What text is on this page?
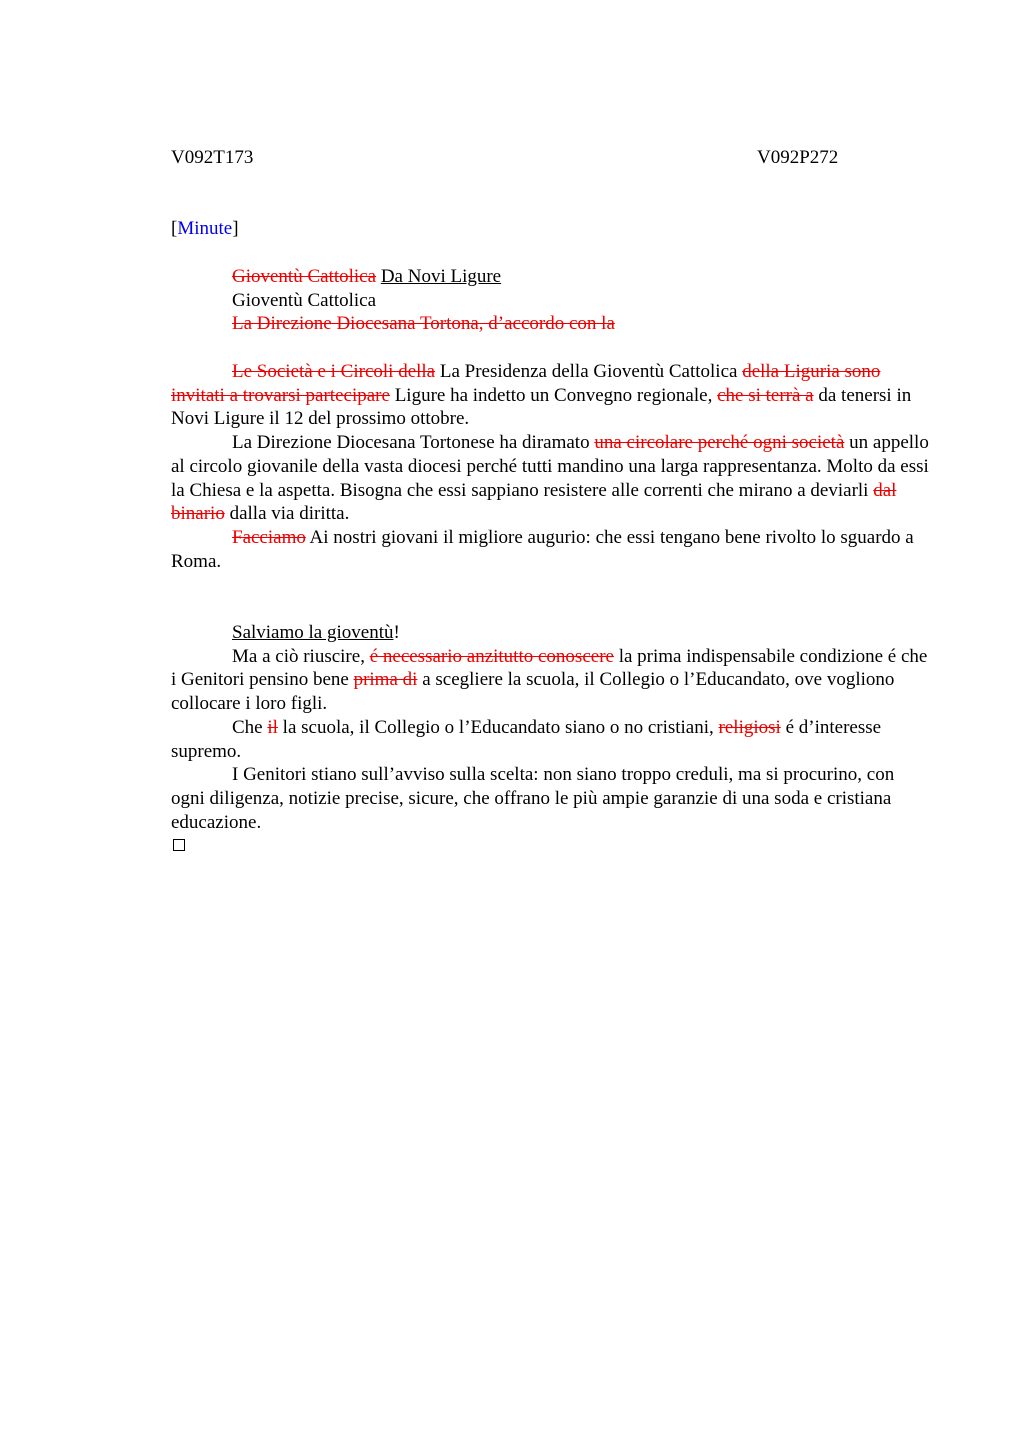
V092T173	V092P272
[Minute]
Gioventù Cattolica Da Novi Ligure
Gioventù Cattolica
La Direzione Diocesana Tortona, d’accordo con la

Le Società e i Circoli della La Presidenza della Gioventù Cattolica della Liguria sono invitati a trovarsi partecipare Ligure ha indetto un Convegno regionale, che si terrà a da tenersi in Novi Ligure il 12 del prossimo ottobre.

La Direzione Diocesana Tortonese ha diramato una circolare perché ogni società un appello al circolo giovanile della vasta diocesi perché tutti mandino una larga rappresentanza. Molto da essi la Chiesa e la aspetta. Bisogna che essi sappiano resistere alle correnti che mirano a deviarli dal binario dalla via diritta.

Facciamo Ai nostri giovani il migliore augurio: che essi tengano bene rivolto lo sguardo a Roma.

Salviamo la gioventù!

Ma a ciò riuscire, é necessario anzitutto conoscere la prima indispensabile condizione é che i Genitori pensino bene prima di a scegliere la scuola, il Collegio o l’Educandato, ove vogliono collocare i loro figli.

Che il la scuola, il Collegio o l’Educandato siano o no cristiani, religiosi é d’interesse supremo.

I Genitori stiano sull’avviso sulla scelta: non siano troppo creduli, ma si procurino, con ogni diligenza, notizie precise, sicure, che offrano le più ampie garanzie di una soda e cristiana educazione.
